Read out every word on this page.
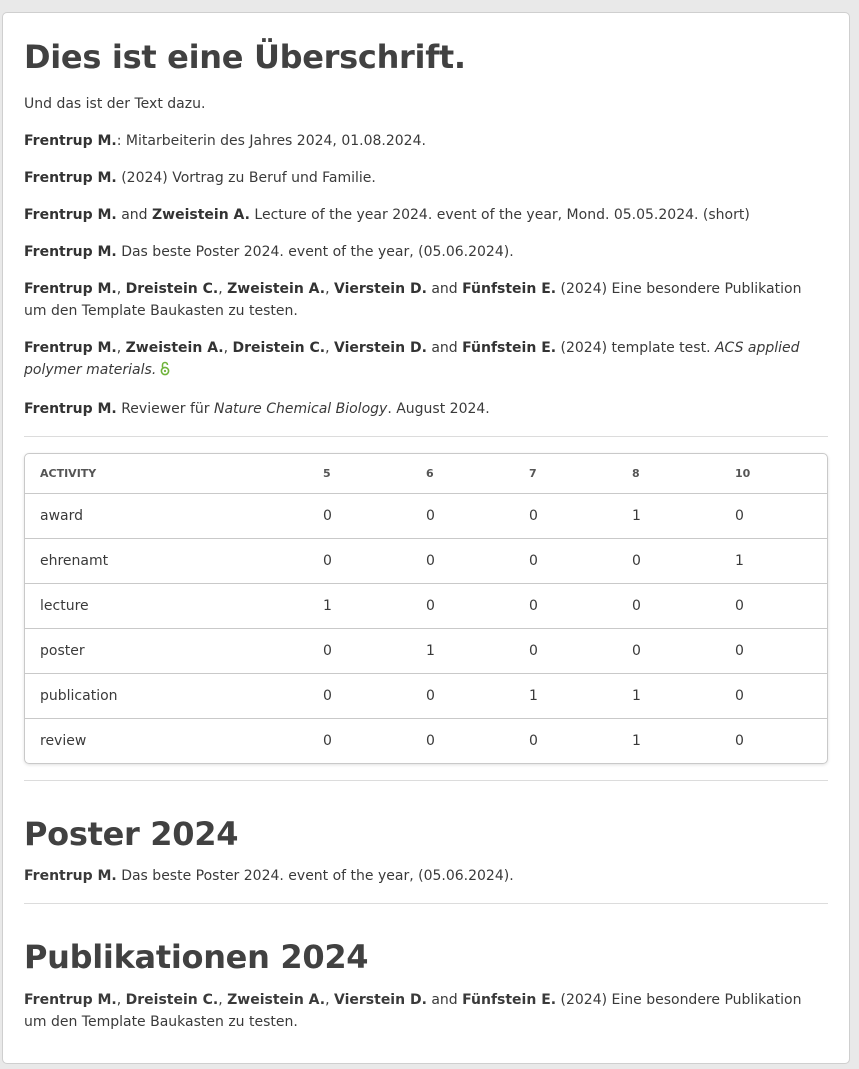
Dies ist eine Überschrift.

Und das ist der Text dazu.

Frentrup M.: Mitarbeiterin des Jahres 2024, 01.08.2024.

Frentrup M. (2024) Vortrag zu Beruf und Familie.

Frentrup M. and Zweistein A. Lecture of the year 2024. event of the year, Mond. 05.05.2024. (short)

Frentrup M. Das beste Poster 2024. event of the year, (05.06.2024).

Frentrup M., Dreistein C., Zweistein A., Vierstein D. and Fünfstein E. (2024) Eine besondere Publikation um den Template Baukasten zu testen.

Frentrup M., Zweistein A., Dreistein C., Vierstein D. and Fünfstein E. (2024) template test. ACS applied polymer materials.

Frentrup M. Reviewer für Nature Chemical Biology. August 2024.

ACTIVITY	5	6	7	8	10
award	0	0	0	1	0
ehrenamt	0	0	0	0	1
lecture	1	0	0	0	0
poster	0	1	0	0	0
publication	0	0	1	1	0
review	0	0	0	1	0
Poster 2024

Frentrup M. Das beste Poster 2024. event of the year, (05.06.2024).

Publikationen 2024

Frentrup M., Dreistein C., Zweistein A., Vierstein D. and Fünfstein E. (2024) Eine besondere Publikation um den Template Baukasten zu testen.
